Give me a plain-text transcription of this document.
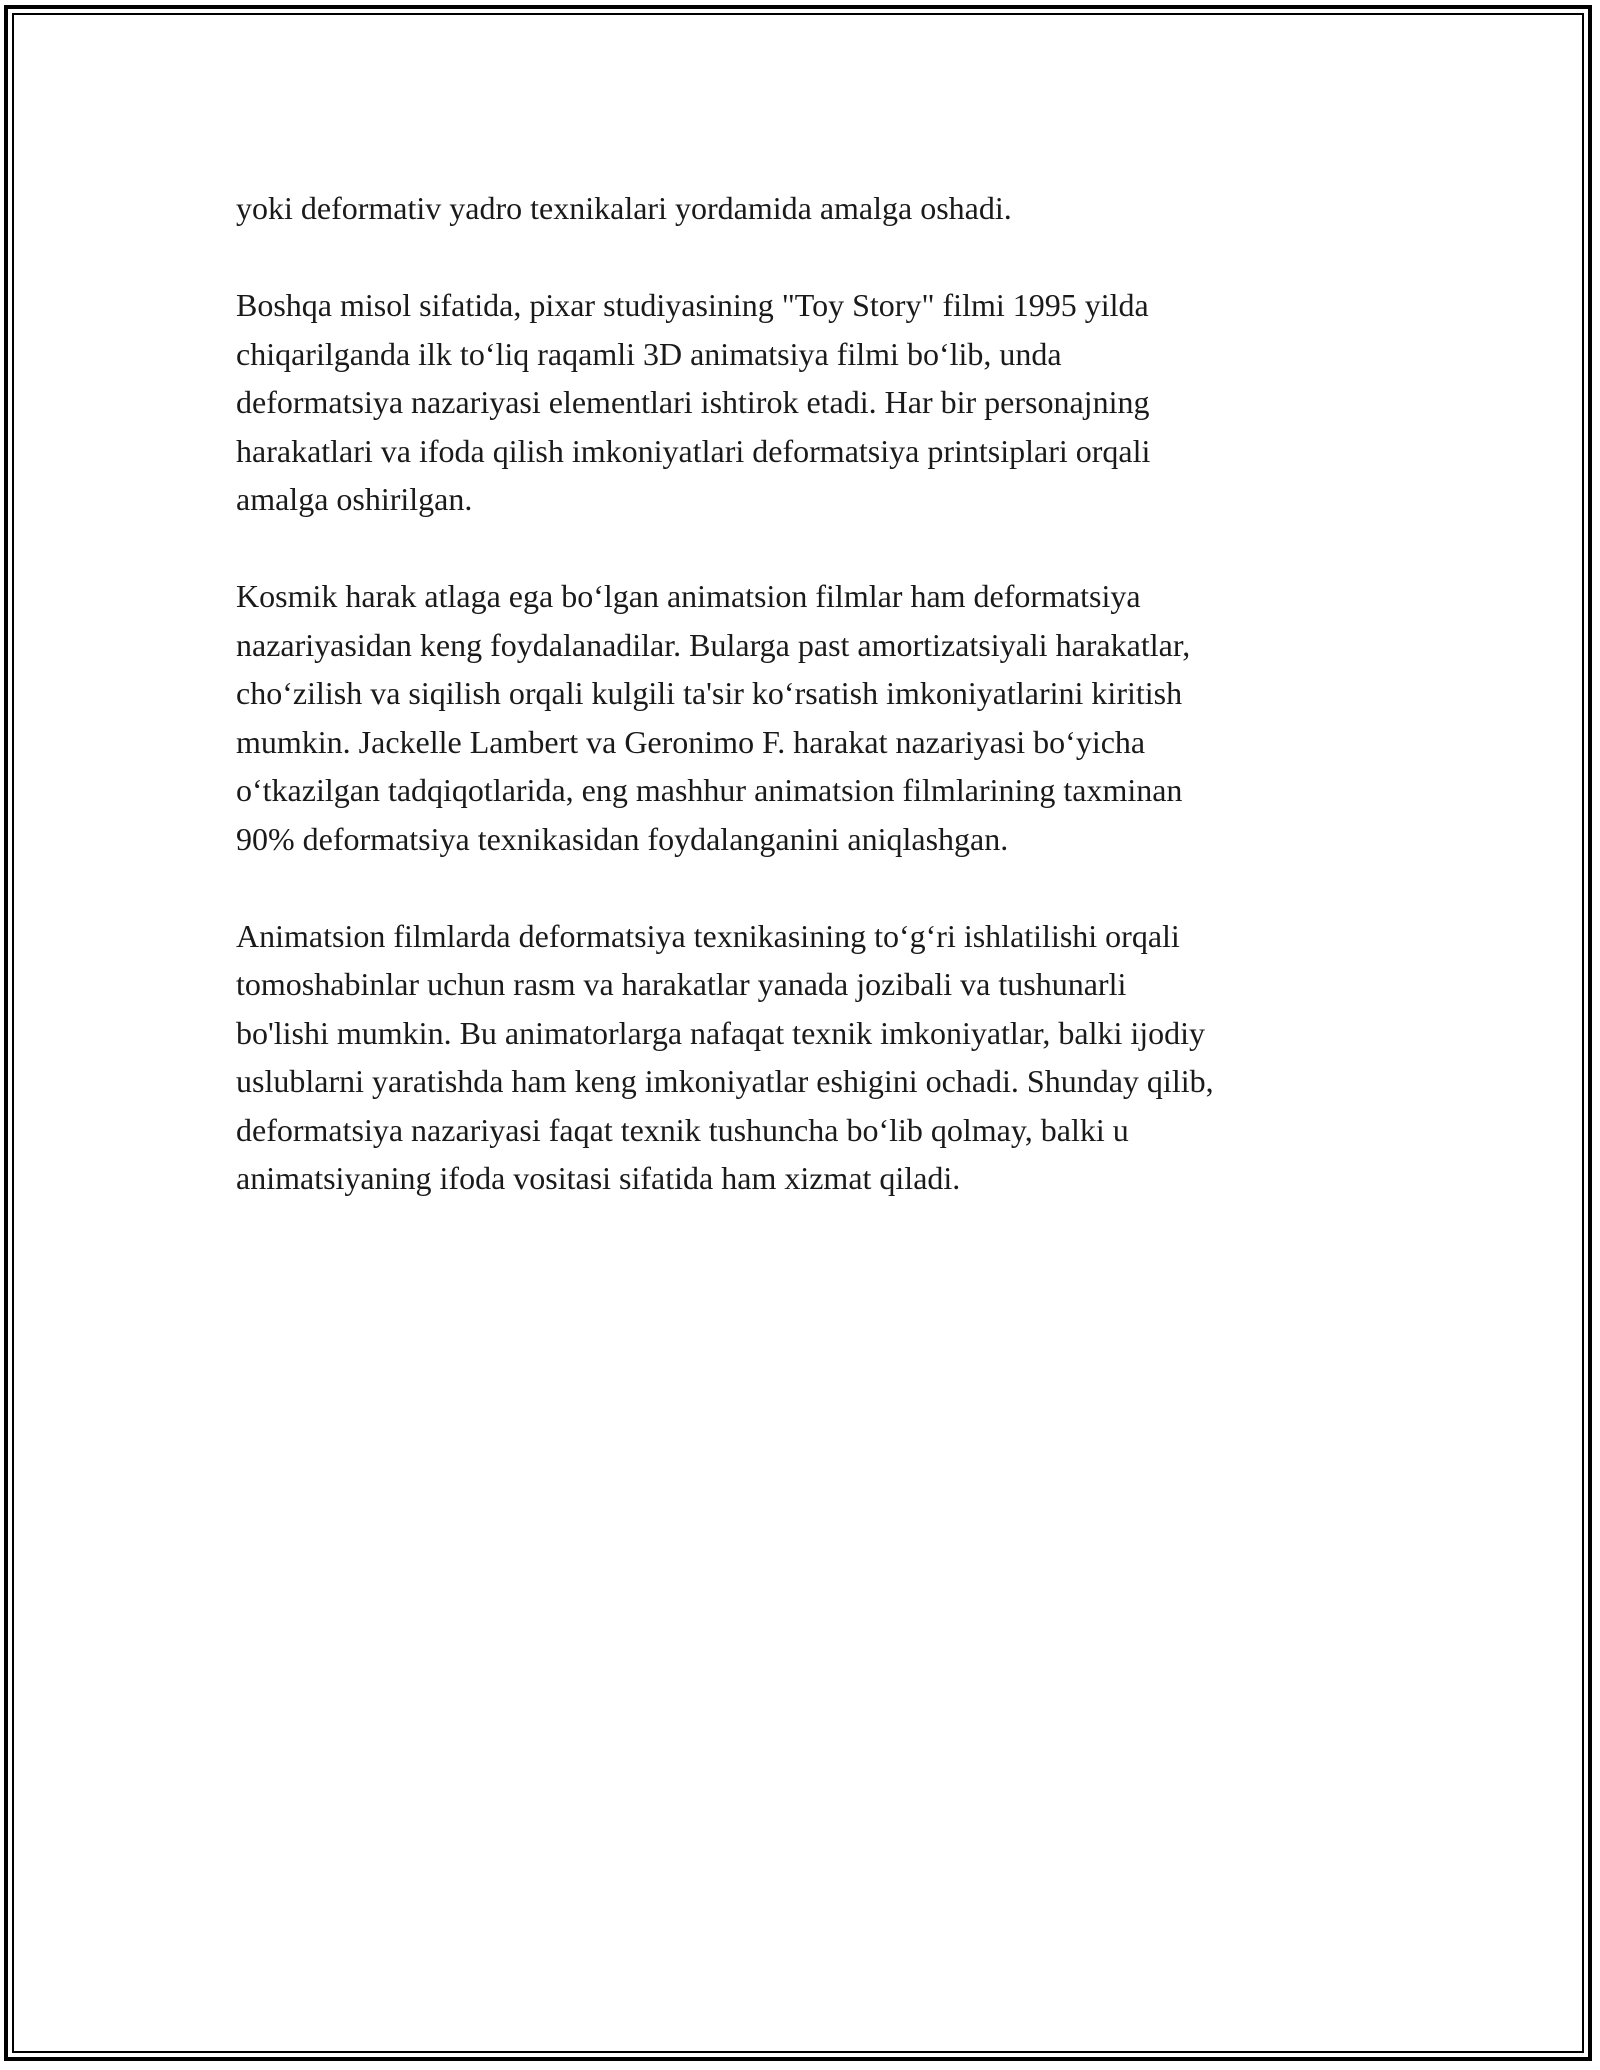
yoki deformativ yadro texnikalari yordamida amalga oshadi.

Boshqa misol sifatida, pixar studiyasining "Toy Story" filmi 1995 yilda
chiqarilganda ilk to‘liq raqamli 3D animatsiya filmi bo‘lib, unda
deformatsiya nazariyasi elementlari ishtirok etadi. Har bir personajning
harakatlari va ifoda qilish imkoniyatlari deformatsiya printsiplari orqali
amalga oshirilgan.

Kosmik harak atlaga ega bo‘lgan animatsion filmlar ham deformatsiya
nazariyasidan keng foydalanadilar. Bularga past amortizatsiyali harakatlar,
cho‘zilish va siqilish orqali kulgili ta'sir ko‘rsatish imkoniyatlarini kiritish
mumkin. Jackelle Lambert va Geronimo F. harakat nazariyasi bo‘yicha
o‘tkazilgan tadqiqotlarida, eng mashhur animatsion filmlarining taxminan
90% deformatsiya texnikasidan foydalanganini aniqlashgan.

Animatsion filmlarda deformatsiya texnikasining to‘g‘ri ishlatilishi orqali
tomoshabinlar uchun rasm va harakatlar yanada jozibali va tushunarli
bo'lishi mumkin. Bu animatorlarga nafaqat texnik imkoniyatlar, balki ijodiy
uslublarni yaratishda ham keng imkoniyatlar eshigini ochadi. Shunday qilib,
deformatsiya nazariyasi faqat texnik tushuncha bo‘lib qolmay, balki u
animatsiyaning ifoda vositasi sifatida ham xizmat qiladi.
